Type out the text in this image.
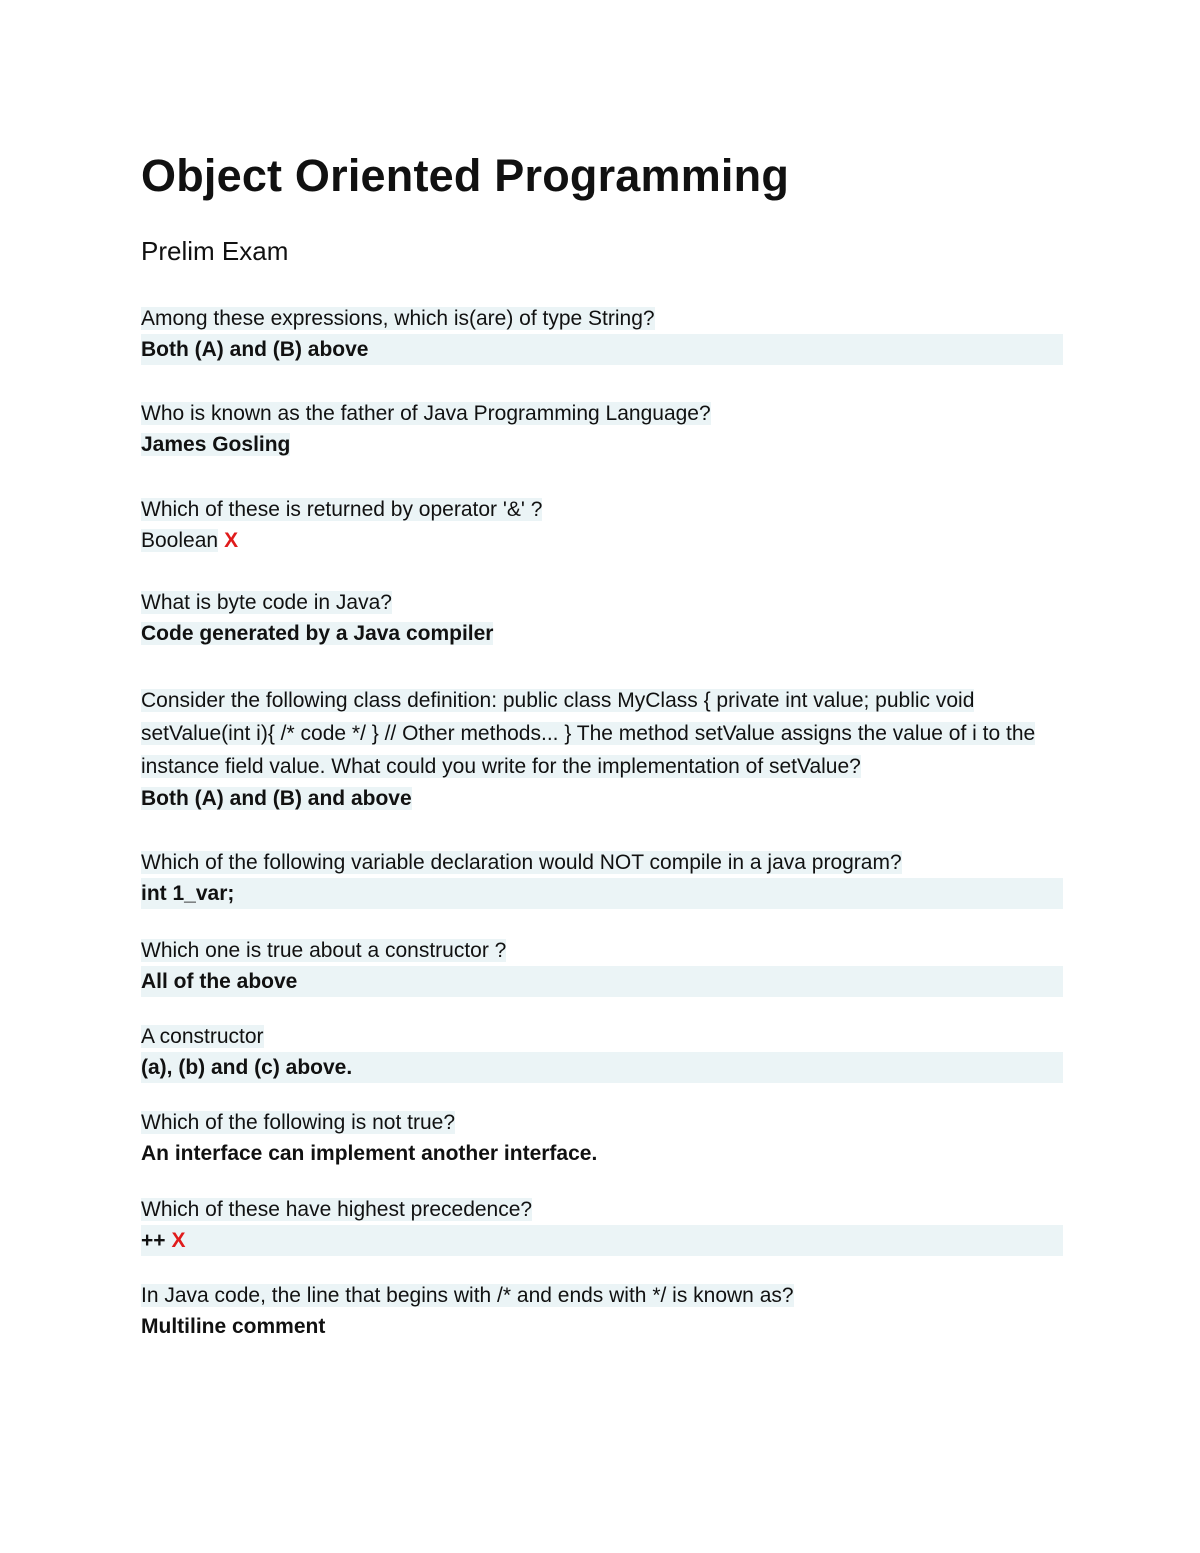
Object Oriented Programming
Prelim Exam
Among these expressions, which is(are) of type String?
Both (A) and (B) above
Who is known as the father of Java Programming Language?
James Gosling
Which of these is returned by operator '&' ?
Boolean X
What is byte code in Java?
Code generated by a Java compiler
Consider the following class definition: public class MyClass { private int value; public void setValue(int i){ /* code */ } // Other methods... } The method setValue assigns the value of i to the instance field value. What could you write for the implementation of setValue?
Both (A) and (B) and above
Which of the following variable declaration would NOT compile in a java program?
int 1_var;
Which one is true about a constructor ?
All of the above
A constructor
(a), (b) and (c) above.
Which of the following is not true?
An interface can implement another interface.
Which of these have highest precedence?
++ X
In Java code, the line that begins with /* and ends with */ is known as?
Multiline comment
